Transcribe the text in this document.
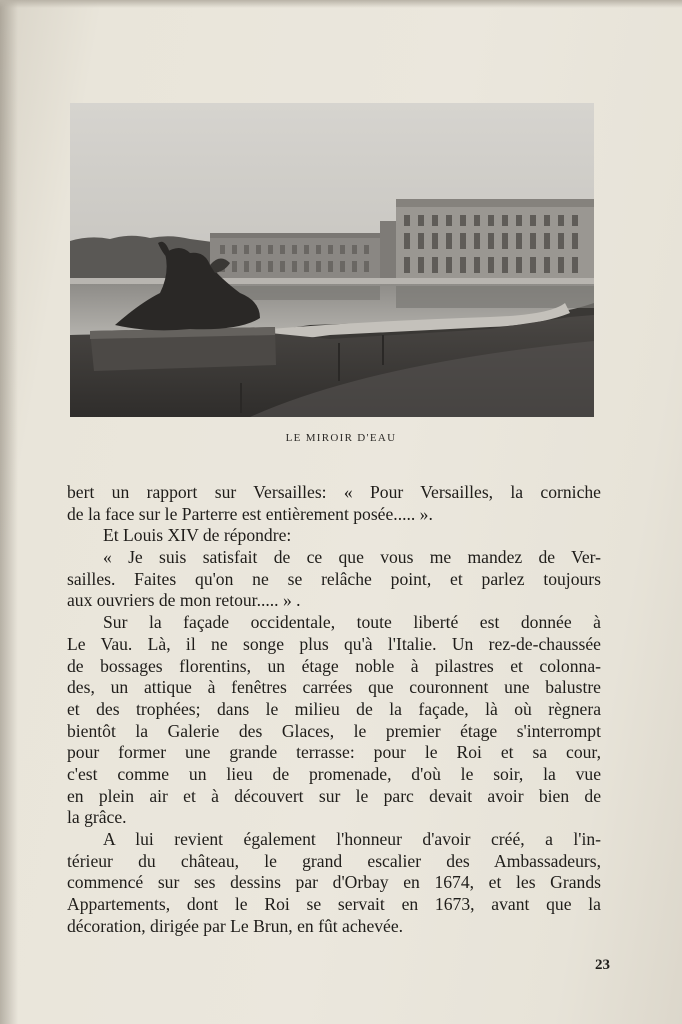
LE MIROIR D'EAU
bert un rapport sur Versailles: « Pour Versailles, la corniche
de la face sur le Parterre est entièrement posée..... ».
Et Louis XIV de répondre:
« Je suis satisfait de ce que vous me mandez de Ver-
sailles. Faites qu'on ne se relâche point, et parlez toujours
aux ouvriers de mon retour..... » .
Sur la façade occidentale, toute liberté est donnée à
Le Vau. Là, il ne songe plus qu'à l'Italie. Un rez-de-chaussée
de bossages florentins, un étage noble à pilastres et colonna-
des, un attique à fenêtres carrées que couronnent une balustre
et des trophées; dans le milieu de la façade, là où règnera
bientôt la Galerie des Glaces, le premier étage s'interrompt
pour former une grande terrasse: pour le Roi et sa cour,
c'est comme un lieu de promenade, d'où le soir, la vue
en plein air et à découvert sur le parc devait avoir bien de
la grâce.
A lui revient également l'honneur d'avoir créé, a l'in-
térieur du château, le grand escalier des Ambassadeurs,
commencé sur ses dessins par d'Orbay en 1674, et les Grands
Appartements, dont le Roi se servait en 1673, avant que la
décoration, dirigée par Le Brun, en fût achevée.
23
